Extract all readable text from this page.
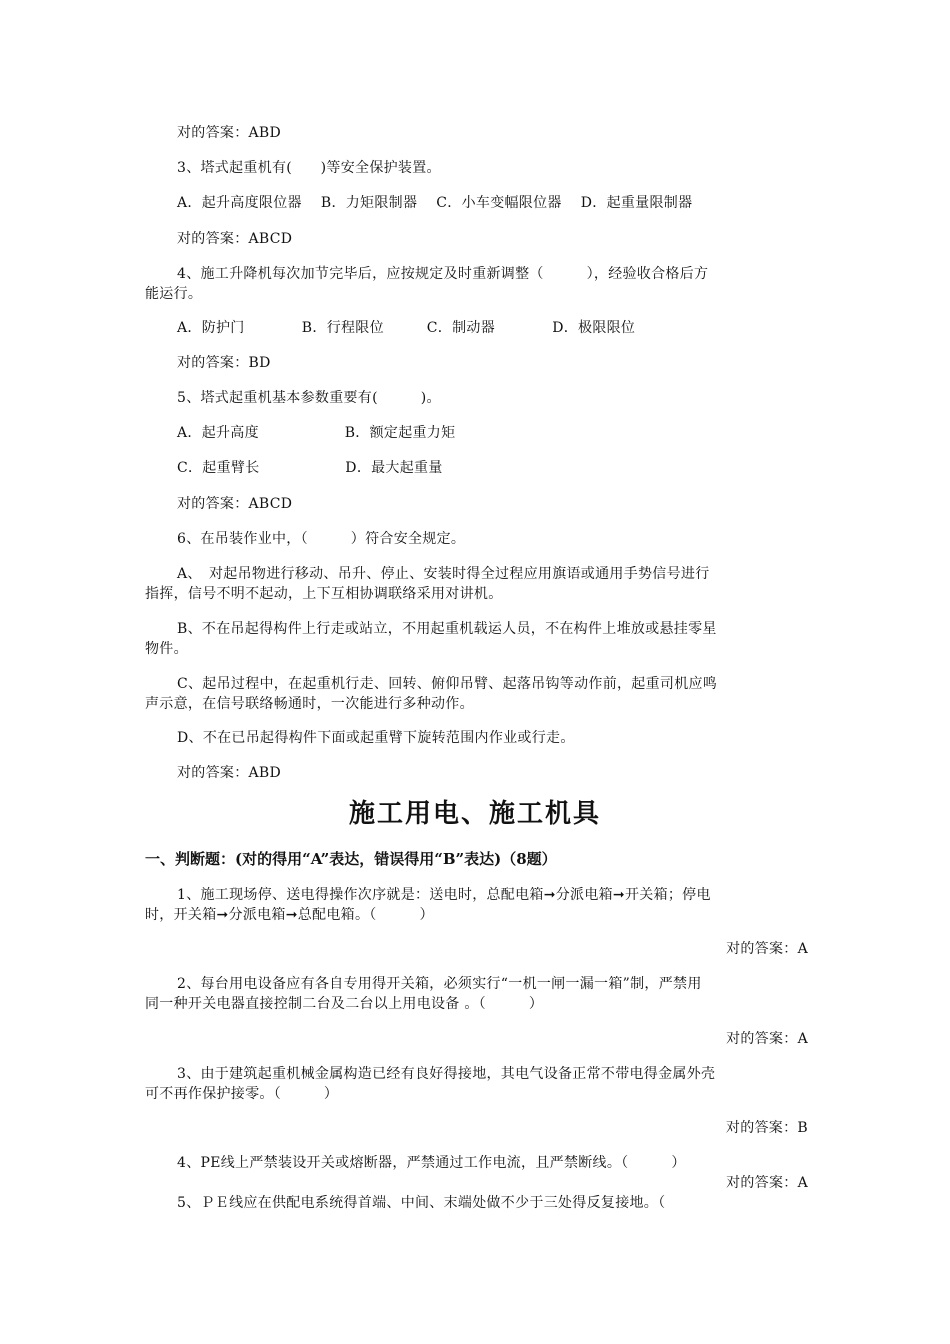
对的答案：ABD
3、塔式起重机有(　　)等安全保护装置。
A．起升高度限位器　 B．力矩限制器　 C．小车变幅限位器　 D．起重量限制器
对的答案：ABCD
4、施工升降机每次加节完毕后，应按规定及时重新调整（　　　），经验收合格后方
能运行。
A．防护门　　　　B．行程限位　　　C．制动器　　　　D．极限限位
对的答案：BD
5、塔式起重机基本参数重要有(　　　)。
A．起升高度　　　　　　B．额定起重力矩
C．起重臂长　　　　　　D．最大起重量
对的答案：ABCD
6、在吊装作业中，（　　　）符合安全规定。
A、　对起吊物进行移动、吊升、停止、安装时得全过程应用旗语或通用手势信号进行
指挥，信号不明不起动，上下互相协调联络采用对讲机。
B、不在吊起得构件上行走或站立，不用起重机载运人员，不在构件上堆放或悬挂零星
物件。
C、起吊过程中，在起重机行走、回转、俯仰吊臂、起落吊钩等动作前，起重司机应鸣
声示意，在信号联络畅通时，一次能进行多种动作。
D、不在已吊起得构件下面或起重臂下旋转范围内作业或行走。
对的答案：ABD
施工用电、施工机具
一、判断题：(对的得用“A”表达，错误得用“B”表达)（8题）
1、施工现场停、送电得操作次序就是：送电时，总配电箱➞分派电箱➞开关箱；停电
时，开关箱➞分派电箱➞总配电箱。（　　　）
对的答案：A
2、每台用电设备应有各自专用得开关箱，必须实行“一机一闸一漏一箱”制，严禁用
同一种开关电器直接控制二台及二台以上用电设备 。（　　　）
对的答案：A
3、由于建筑起重机械金属构造已经有良好得接地，其电气设备正常不带电得金属外壳
可不再作保护接零。（　　　）
对的答案：B
4、PE线上严禁装设开关或熔断器，严禁通过工作电流，且严禁断线。（　　　）
对的答案：A
5、ＰＥ线应在供配电系统得首端、中间、末端处做不少于三处得反复接地。（
